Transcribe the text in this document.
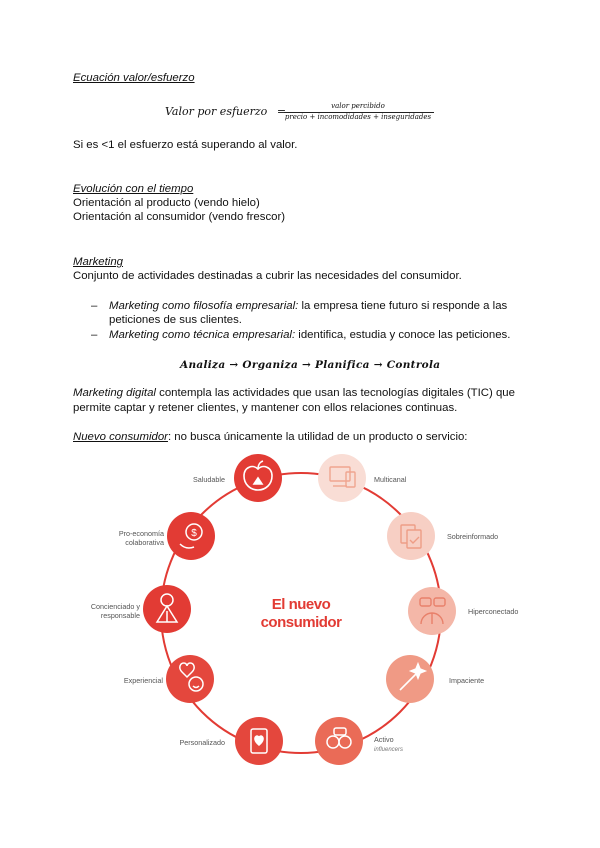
Ecuación valor/esfuerzo
Valor por esfuerzo =	valor percibido
precio + incomodidades + inseguridades
Si es <1 el esfuerzo está superando al valor.
Evolución con el tiempo
Orientación al producto (vendo hielo)
Orientación al consumidor (vendo frescor)
Marketing
Conjunto de actividades destinadas a cubrir las necesidades del consumidor.
– Marketing como filosofía empresarial: la empresa tiene futuro si responde a las
peticiones de sus clientes.
– Marketing como técnica empresarial: identifica, estudia y conoce las peticiones.
Analiza → Organiza → Planifica → Controla
Marketing digital contempla las actividades que usan las tecnologías digitales (TIC) que
permite captar y retener clientes, y mantener con ellos relaciones continuas.
Nuevo consumidor: no busca únicamente la utilidad de un producto o servicio:
El nuevo
consumidor
$
Saludable	Multicanal
Sobreinformado
Hiperconectado
Impaciente
Activo
influencers
Personalizado
Experiencial
Concienciado y
responsable
Pro-economía
colaborativa
